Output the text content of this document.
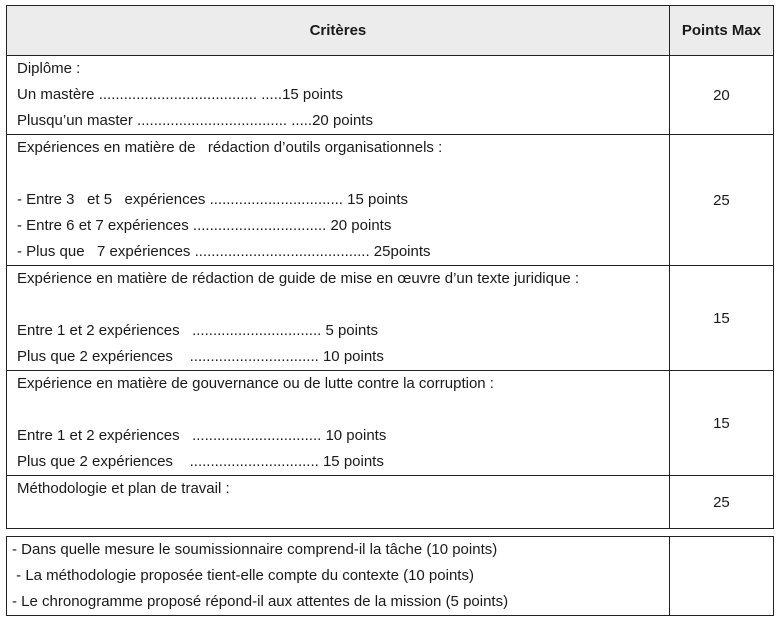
Critères	Points Max

Diplôme :
Un mastère ...................................... .....15 points
Plusqu’un master .................................... .....20 points	20

Expériences en matière de   rédaction d’outils organisationnels :
- Entre 3   et 5   expériences ................................ 15 points
- Entre 6 et 7 expériences ................................ 20 points
- Plus que   7 expériences .......................................... 25points	25

Expérience en matière de rédaction de guide de mise en œuvre d’un texte juridique :
Entre 1 et 2 expériences   ............................... 5 points
Plus que 2 expériences    ............................... 10 points	15

Expérience en matière de gouvernance ou de lutte contre la corruption :
Entre 1 et 2 expériences   ............................... 10 points
Plus que 2 expériences    ............................... 15 points	15

Méthodologie et plan de travail :	25
- Dans quelle mesure le soumissionnaire comprend-il la tâche (10 points)
- La méthodologie proposée tient-elle compte du contexte (10 points)
- Le chronogramme proposé répond-il aux attentes de la mission (5 points)
